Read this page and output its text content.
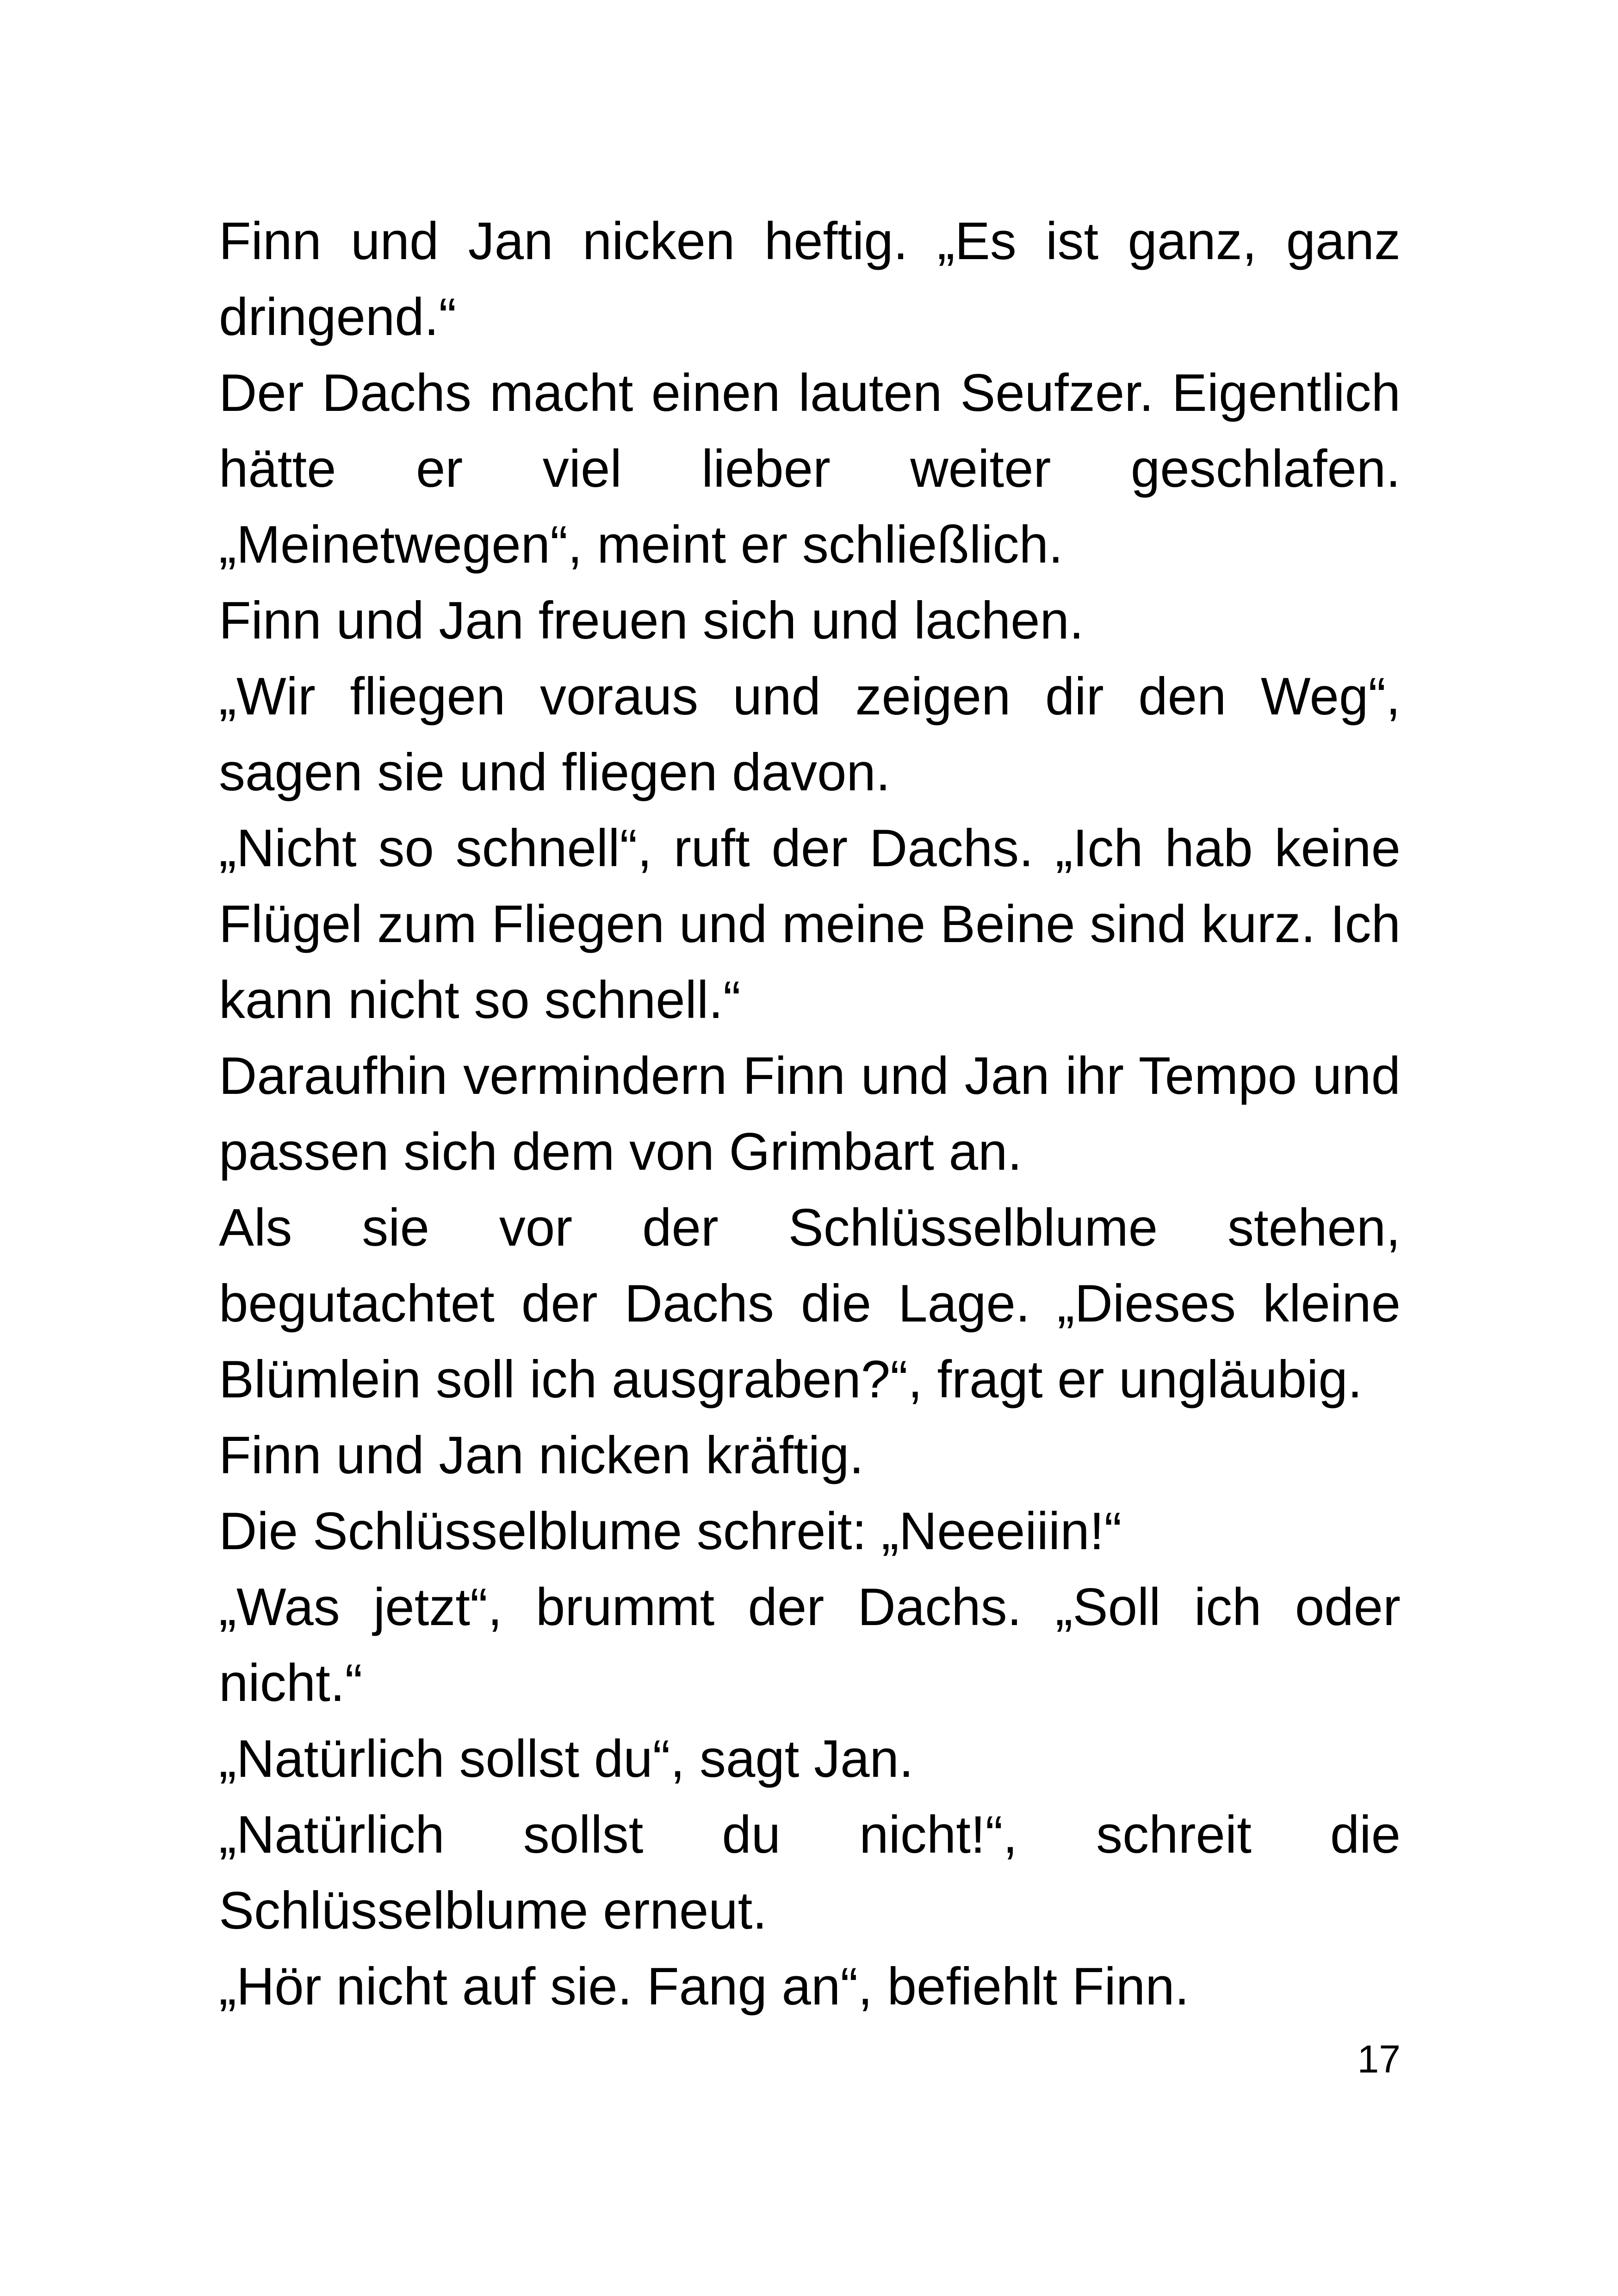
Finn und Jan nicken heftig. „Es ist ganz, ganz dringend.“

Der Dachs macht einen lauten Seufzer. Eigentlich hätte er viel lieber weiter geschlafen. „Meinetwegen“, meint er schließlich.

Finn und Jan freuen sich und lachen.

„Wir fliegen voraus und zeigen dir den Weg“, sagen sie und fliegen davon.

„Nicht so schnell“, ruft der Dachs. „Ich hab keine Flügel zum Fliegen und meine Beine sind kurz. Ich kann nicht so schnell.“

Daraufhin vermindern Finn und Jan ihr Tempo und passen sich dem von Grimbart an.

Als sie vor der Schlüsselblume stehen, begutachtet der Dachs die Lage. „Dieses kleine Blümlein soll ich ausgraben?“, fragt er ungläubig.

Finn und Jan nicken kräftig.

Die Schlüsselblume schreit: „Neeeiiin!“

„Was jetzt“, brummt der Dachs. „Soll ich oder nicht.“

„Natürlich sollst du“, sagt Jan.

„Natürlich sollst du nicht!“, schreit die Schlüsselblume erneut.

„Hör nicht auf sie. Fang an“, befiehlt Finn.

17
